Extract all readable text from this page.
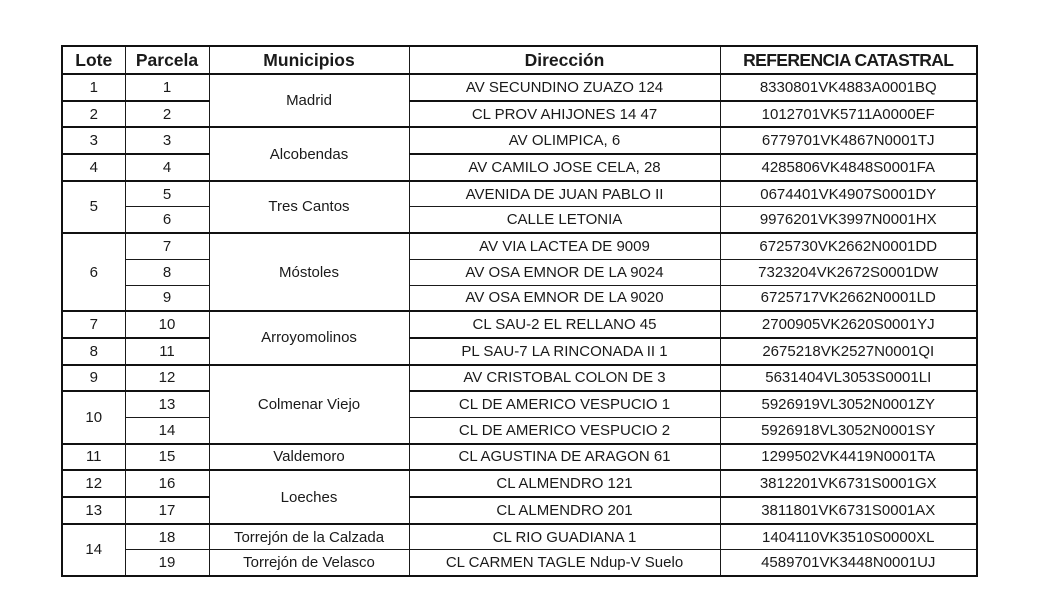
Lote	Parcela	Municipios	Dirección	REFERENCIA CATASTRAL
1	1	Madrid	AV SECUNDINO ZUAZO 124	8330801VK4883A0001BQ
2	2		CL PROV AHIJONES 14 47	1012701VK5711A0000EF
3	3	Alcobendas	AV OLIMPICA, 6	6779701VK4867N0001TJ
4	4		AV CAMILO JOSE CELA, 28	4285806VK4848S0001FA
5	5	Tres Cantos	AVENIDA DE JUAN PABLO II	0674401VK4907S0001DY
	6		CALLE LETONIA	9976201VK3997N0001HX
6	7	Móstoles	AV VIA LACTEA DE 9009	6725730VK2662N0001DD
	8		AV OSA EMNOR DE LA 9024	7323204VK2672S0001DW
	9		AV OSA EMNOR DE LA 9020	6725717VK2662N0001LD
7	10	Arroyomolinos	CL SAU-2 EL RELLANO 45	2700905VK2620S0001YJ
8	11		PL SAU-7 LA RINCONADA II 1	2675218VK2527N0001QI
9	12	Colmenar Viejo	AV CRISTOBAL COLON DE 3	5631404VL3053S0001LI
10	13		CL DE AMERICO VESPUCIO 1	5926919VL3052N0001ZY
	14		CL DE AMERICO VESPUCIO 2	5926918VL3052N0001SY
11	15	Valdemoro	CL AGUSTINA DE ARAGON 61	1299502VK4419N0001TA
12	16	Loeches	CL ALMENDRO 121	3812201VK6731S0001GX
13	17		CL ALMENDRO 201	3811801VK6731S0001AX
14	18	Torrejón de la Calzada	CL RIO GUADIANA 1	1404110VK3510S0000XL
	19	Torrejón de Velasco	CL CARMEN TAGLE Ndup-V Suelo	4589701VK3448N0001UJ
